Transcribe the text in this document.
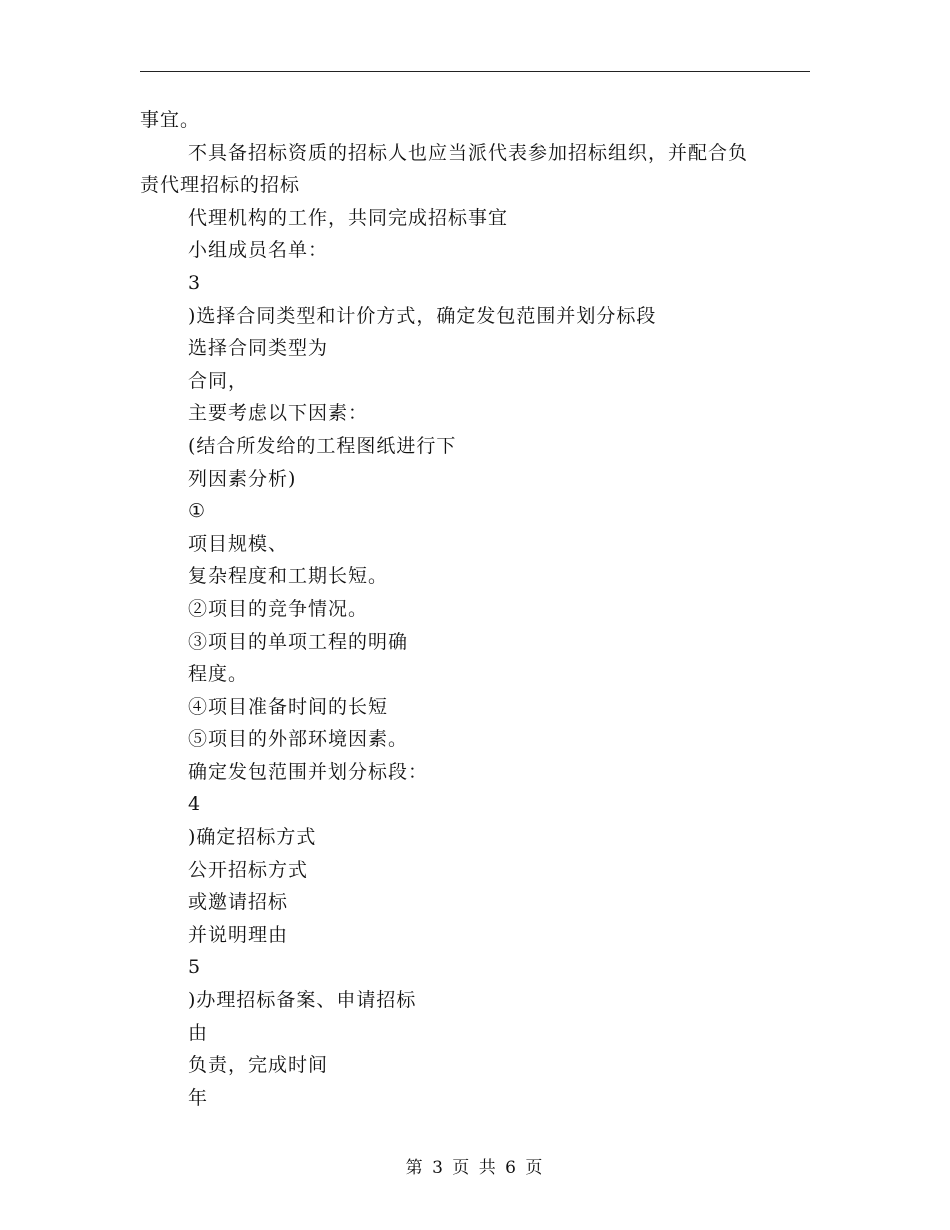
事宜。
不具备招标资质的招标人也应当派代表参加招标组织，并配合负
责代理招标的招标
代理机构的工作，共同完成招标事宜
小组成员名单：
3
)选择合同类型和计价方式，确定发包范围并划分标段
选择合同类型为
合同，
主要考虑以下因素：
(结合所发给的工程图纸进行下
列因素分析)
①
项目规模、
复杂程度和工期长短。
②项目的竞争情况。
③项目的单项工程的明确
程度。
④项目准备时间的长短
⑤项目的外部环境因素。
确定发包范围并划分标段：
4
)确定招标方式
公开招标方式
或邀请招标
并说明理由
5
)办理招标备案、申请招标
由
负责，完成时间
年
第 3 页 共 6 页
